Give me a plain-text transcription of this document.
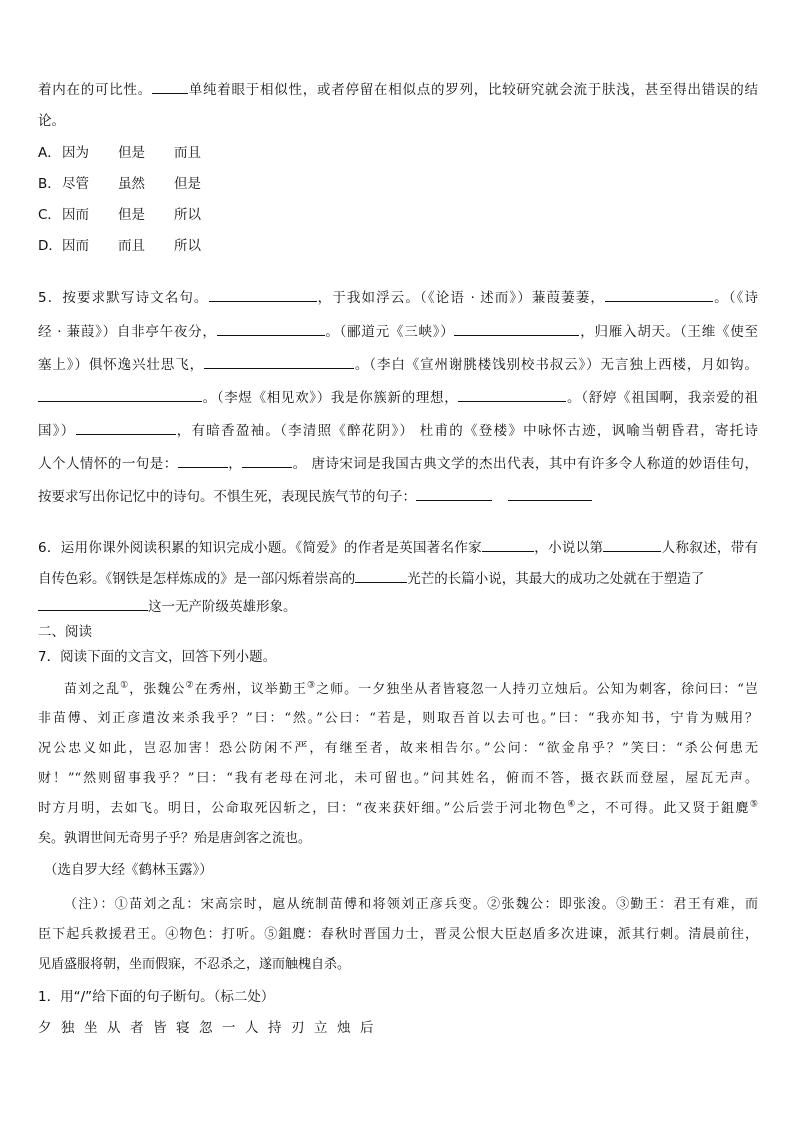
着内在的可比性。	单纯着眼于相似性，或者停留在相似点的罗列，比较研究就会流于肤浅，甚至得出错误的结
论。
A． 因为 但是 而且
B． 尽管 虽然 但是
C． 因而 但是 所以
D． 因而 而且 所以
5．按要求默写诗文名句。	，于我如浮云。（《论语 · 述而》）蒹葭萋萋，	。（《诗
经 · 蒹葭》）自非亭午夜分，	。（郦道元《三峡》）	，归雁入胡天。（王维《使至
塞上》）俱怀逸兴壮思飞，	。（李白《宣州谢朓楼饯别校书叔云》）无言独上西楼，月如钩。
。（李煜《相见欢》）我是你簇新的理想，	。（舒婷《祖国啊，我亲爱的祖
国》）	，有暗香盈袖。（李清照《醉花阴》） 杜甫的《登楼》中咏怀古迹，讽喻当朝昏君，寄托诗
人个人情怀的一句是：	，	。 唐诗宋词是我国古典文学的杰出代表，其中有许多令人称道的妙语佳句，
按要求写出你记忆中的诗句。不惧生死，表现民族气节的句子：
6．运用你课外阅读积累的知识完成小题。《简爱》的作者是英国著名作家	，小说以第	人称叙述，带有
自传色彩。《钢铁是怎样炼成的》是一部闪烁着崇高的	光芒的长篇小说，其最大的成功之处就在于塑造了
这一无产阶级英雄形象。
二、阅读
7．阅读下面的文言文，回答下列小题。
苗刘之乱①，张魏公②在秀州，议举勤王③之师。一夕独坐从者皆寝忽一人持刃立烛后。公知为刺客，徐问曰：“岂
非苗傅、刘正彦遣汝来杀我乎？”曰：“然。”公曰：“若是，则取吾首以去可也。”曰：“我亦知书，宁肯为贼用？
况公忠义如此，岂忍加害！恐公防闲不严，有继至者，故来相告尔。”公问：“欲金帛乎？”笑曰：“杀公何患无
财！”“然则留事我乎？”曰：“我有老母在河北，未可留也。”问其姓名，俯而不答，摄衣跃而登屋，屋瓦无声。
时方月明，去如飞。明日，公命取死囚斩之，曰：“夜来获奸细。”公后尝于河北物色④之，不可得。此又贤于鉏麑⑤
矣。孰谓世间无奇男子乎？殆是唐剑客之流也。
（选自罗大经《鹤林玉露》）
（注）：①苗刘之乱：宋高宗时，扈从统制苗傅和将领刘正彦兵变。②张魏公：即张浚。③勤王：君王有难，而
臣下起兵救援君王。④物色：打听。⑤鉏麑：春秋时晋国力士，晋灵公恨大臣赵盾多次进谏，派其行刺。清晨前往，
见盾盛服将朝，坐而假寐，不忍杀之，遂而触槐自杀。
1．用“/”给下面的句子断句。（标二处）
夕独坐从者皆寝忽一人持刃立烛后
